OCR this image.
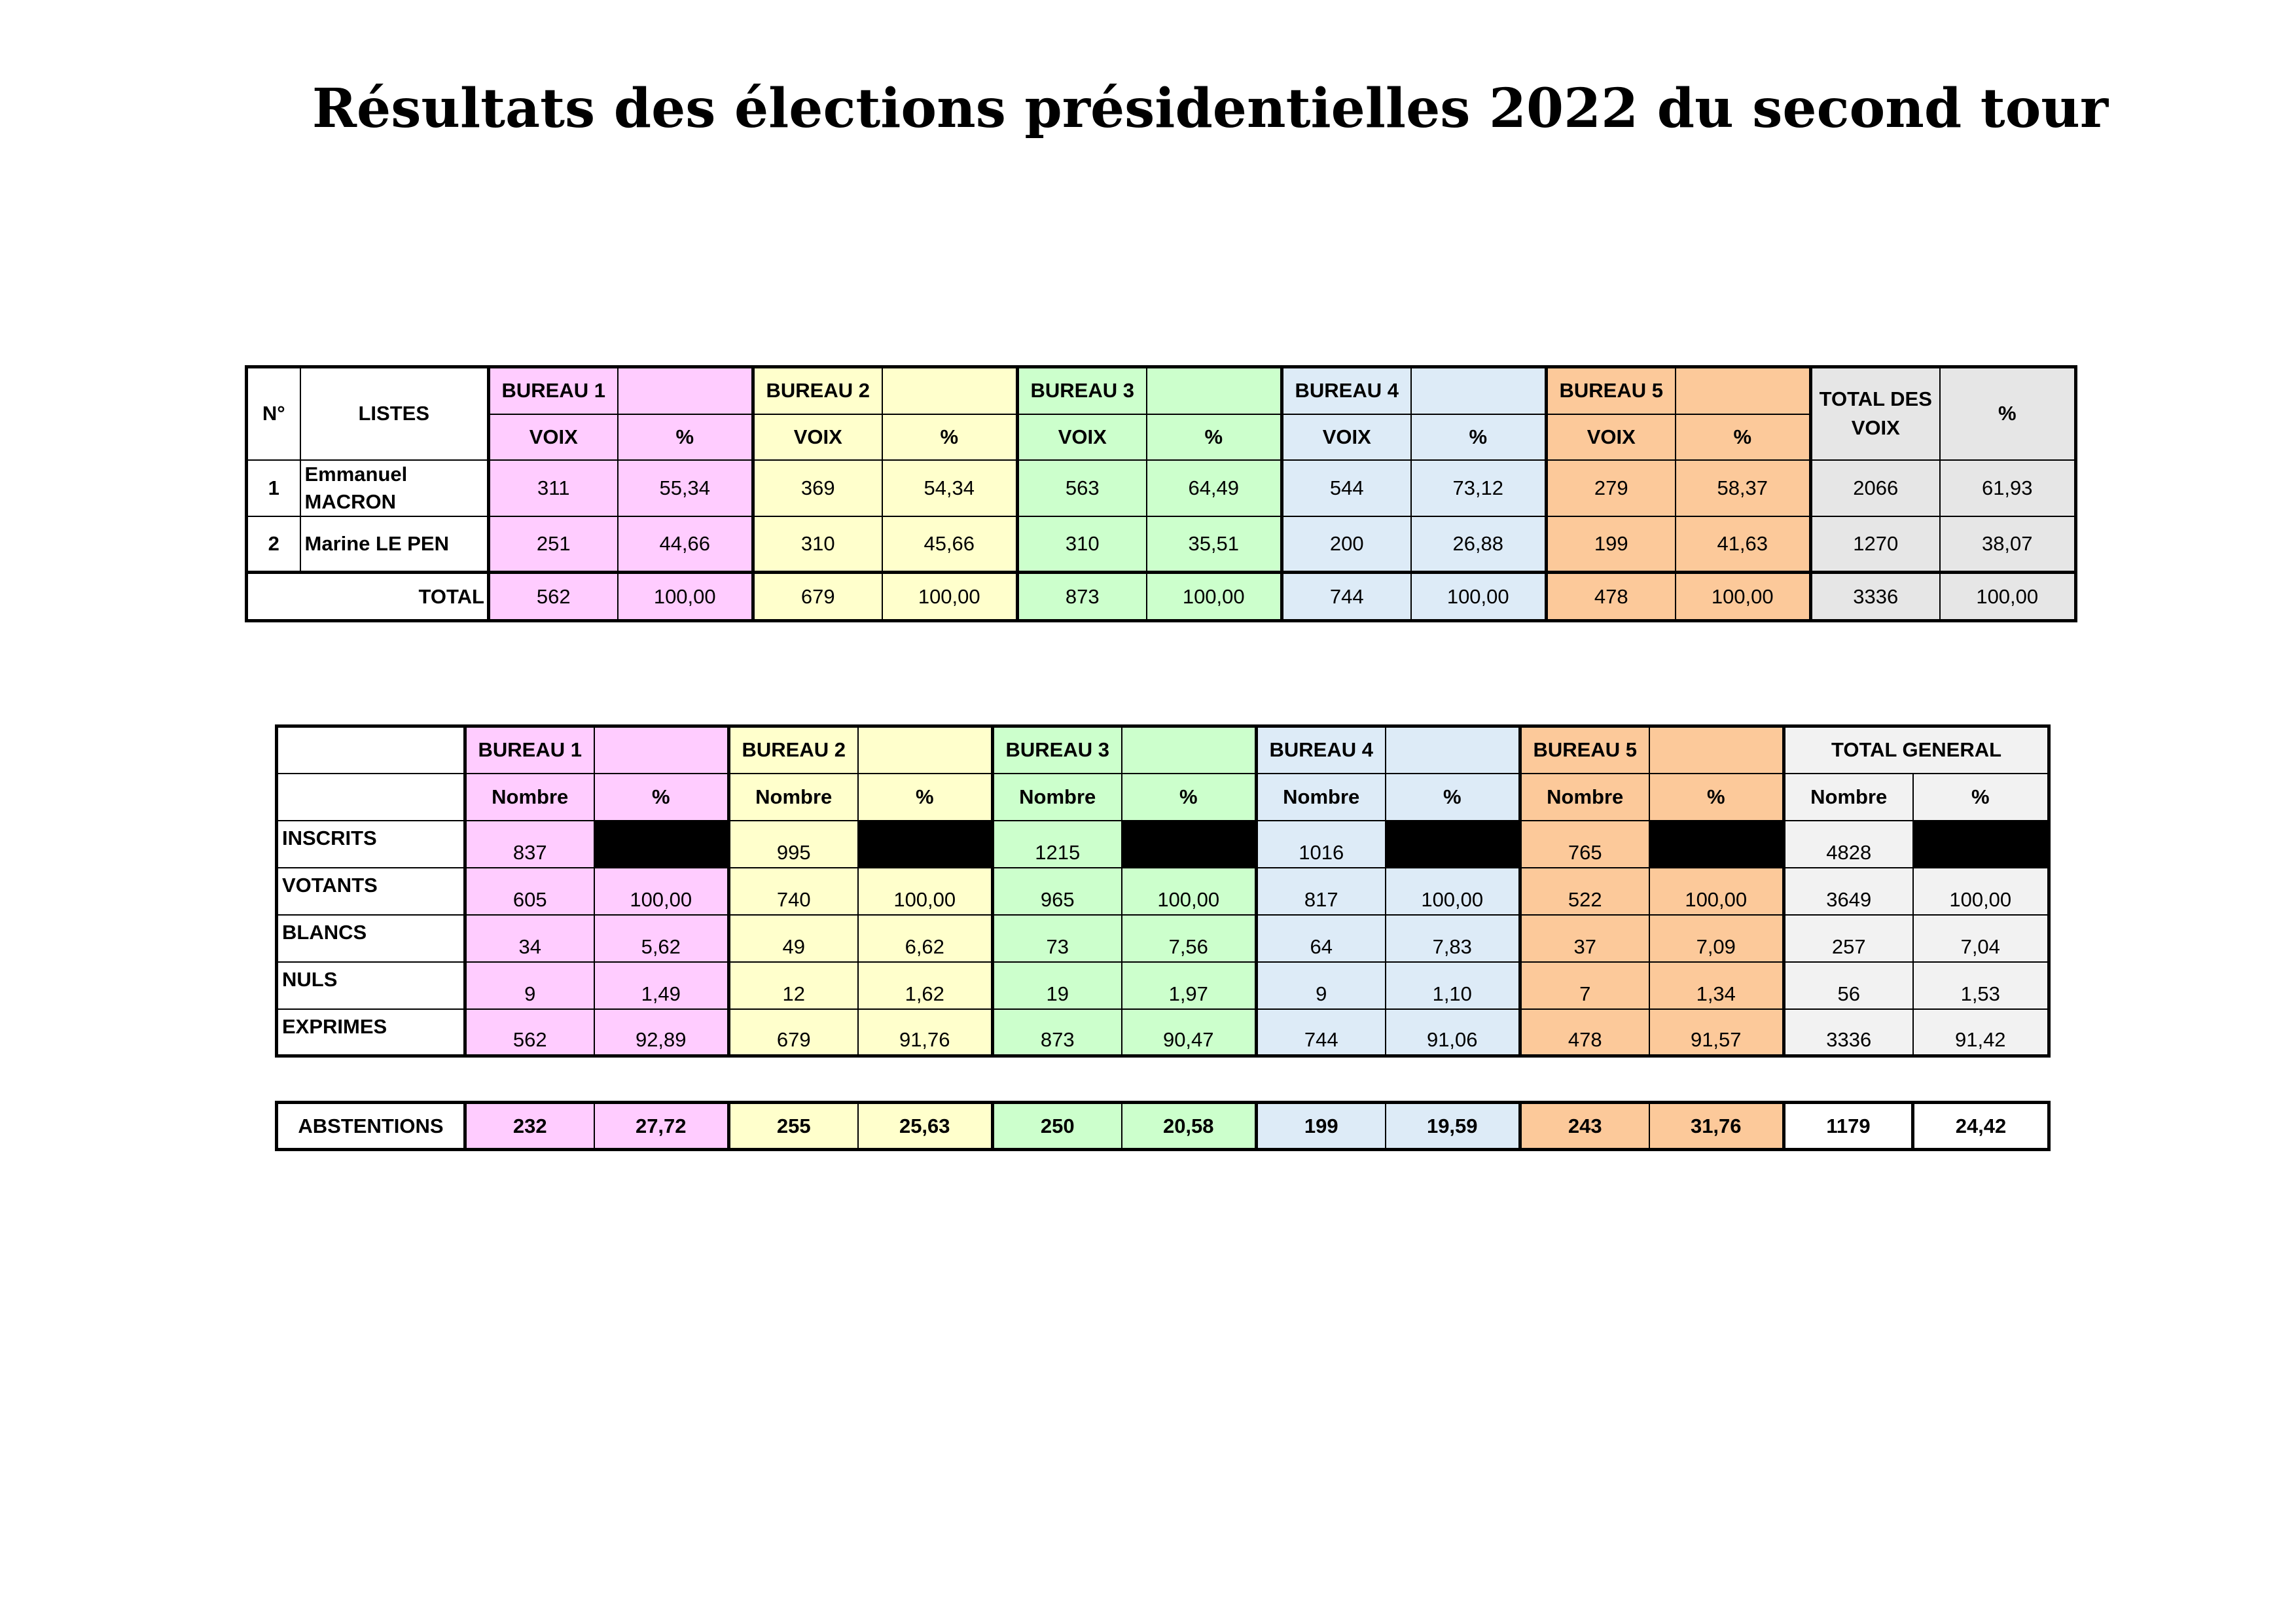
Résultats des élections présidentielles 2022 du second tour
N°	LISTES	BUREAU 1		BUREAU 2		BUREAU 3		BUREAU 4		BUREAU 5		TOTAL DES VOIX	%
		VOIX	%	VOIX	%	VOIX	%	VOIX	%	VOIX	%		
1	Emmanuel MACRON	311	55,34	369	54,34	563	64,49	544	73,12	279	58,37	2066	61,93
2	Marine LE PEN	251	44,66	310	45,66	310	35,51	200	26,88	199	41,63	1270	38,07
TOTAL		562	100,00	679	100,00	873	100,00	744	100,00	478	100,00	3336	100,00
	BUREAU 1		BUREAU 2		BUREAU 3		BUREAU 4		BUREAU 5		TOTAL GENERAL	
	Nombre	%	Nombre	%	Nombre	%	Nombre	%	Nombre	%	Nombre	%
INSCRITS	837		995		1215		1016		765		4828	
VOTANTS	605	100,00	740	100,00	965	100,00	817	100,00	522	100,00	3649	100,00
BLANCS	34	5,62	49	6,62	73	7,56	64	7,83	37	7,09	257	7,04
NULS	9	1,49	12	1,62	19	1,97	9	1,10	7	1,34	56	1,53
EXPRIMES	562	92,89	679	91,76	873	90,47	744	91,06	478	91,57	3336	91,42
ABSTENTIONS	232	27,72	255	25,63	250	20,58	199	19,59	243	31,76	1179	24,42
